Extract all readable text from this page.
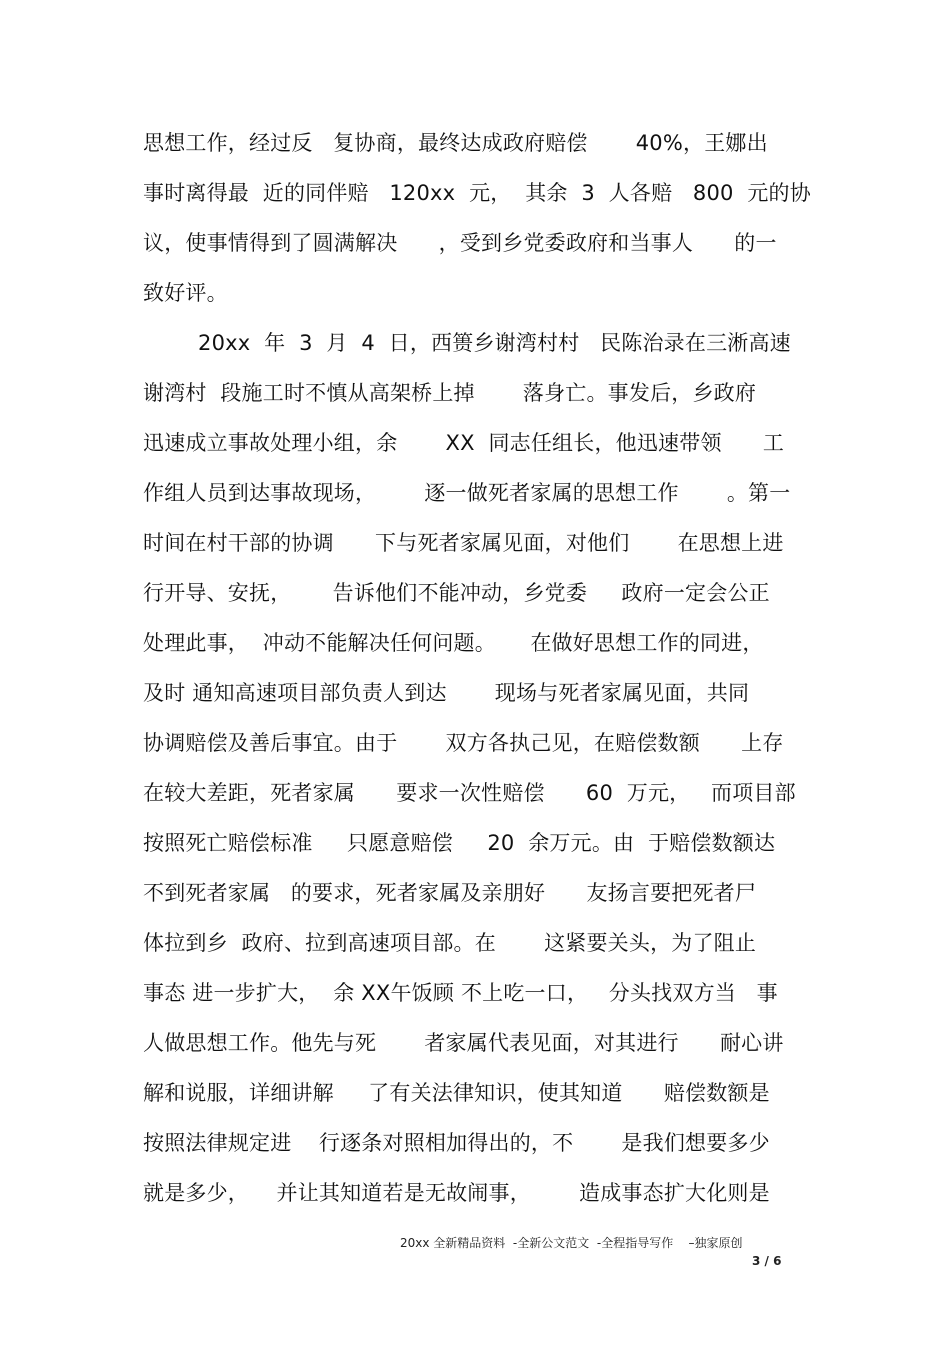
思想工作，经过反   复协商，最终达成政府赔偿       40%，王娜出
事时离得最  近的同伴赔   120xx  元，  其余  3  人各赔   800  元的协
议，使事情得到了圆满解决      ，受到乡党委政府和当事人      的一
致好评。
20xx  年  3  月  4  日，西篑乡谢湾村村   民陈治录在三淅高速
谢湾村  段施工时不慎从高架桥上掉       落身亡。事发后，乡政府
迅速成立事故处理小组，余       XX  同志任组长，他迅速带领      工
作组人员到达事故现场，       逐一做死者家属的思想工作       。第一
时间在村干部的协调      下与死者家属见面，对他们       在思想上进
行开导、安抚，      告诉他们不能冲动，乡党委     政府一定会公正
处理此事，  冲动不能解决任何问题。     在做好思想工作的同进，
及时 通知高速项目部负责人到达       现场与死者家属见面，共同
协调赔偿及善后事宜。由于       双方各执己见，在赔偿数额      上存
在较大差距，死者家属      要求一次性赔偿      60  万元，   而项目部
按照死亡赔偿标准     只愿意赔偿     20  余万元。由  于赔偿数额达
不到死者家属   的要求，死者家属及亲朋好      友扬言要把死者尸
体拉到乡  政府、拉到高速项目部。在       这紧要关头，为了阻止
事态 进一步扩大，  余 XX午饭顾 不上吃一口，   分头找双方当   事
人做思想工作。他先与死       者家属代表见面，对其进行      耐心讲
解和说服，详细讲解     了有关法律知识，使其知道      赔偿数额是
按照法律规定进    行逐条对照相加得出的，不       是我们想要多少
就是多少，    并让其知道若是无故闹事，       造成事态扩大化则是
20xx 全新精品资料  -全新公文范文  -全程指导写作    –独家原创
3 / 6
